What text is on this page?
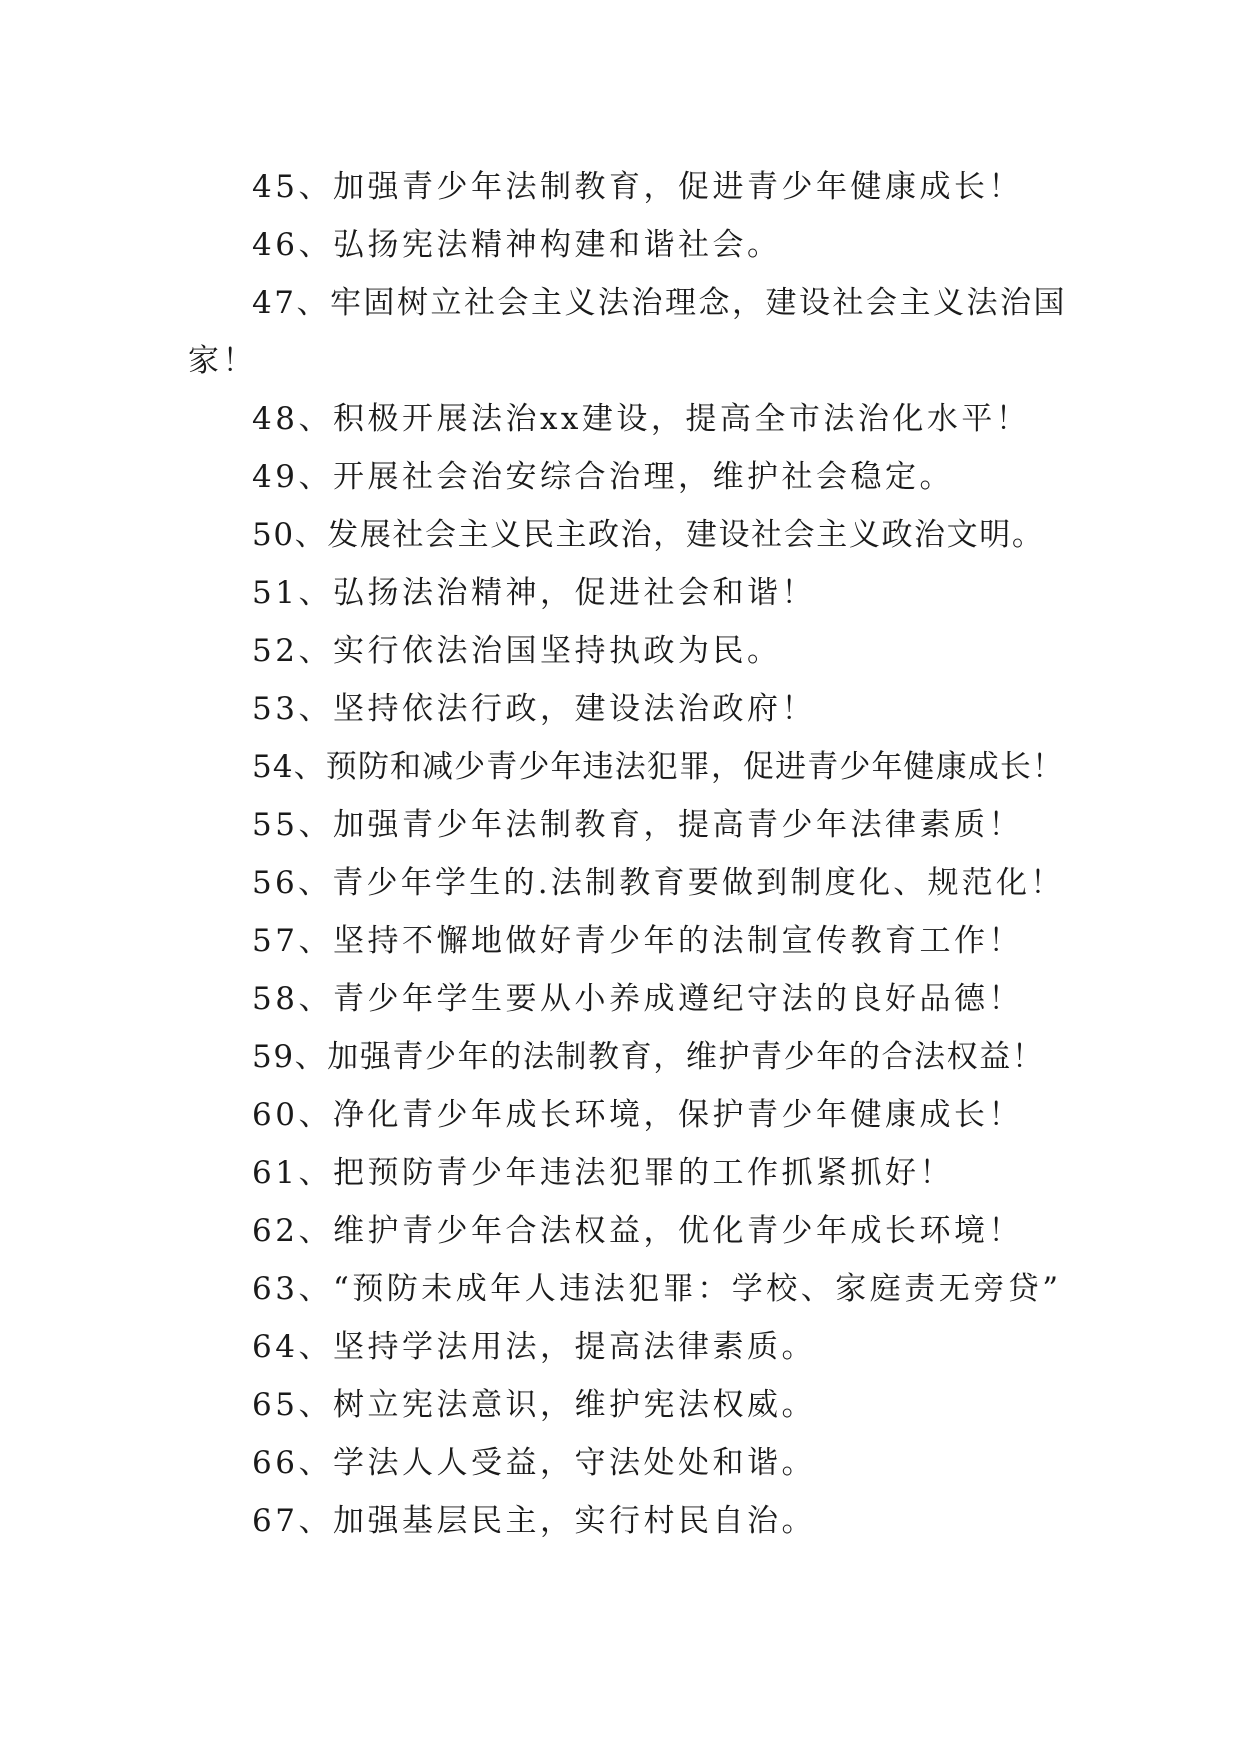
45、加强青少年法制教育，促进青少年健康成长！
46、弘扬宪法精神构建和谐社会。
47、牢固树立社会主义法治理念，建设社会主义法治国
家！
48、积极开展法治xx建设，提高全市法治化水平！
49、开展社会治安综合治理，维护社会稳定。
50、发展社会主义民主政治，建设社会主义政治文明。
51、弘扬法治精神，促进社会和谐！
52、实行依法治国坚持执政为民。
53、坚持依法行政，建设法治政府！
54、预防和减少青少年违法犯罪，促进青少年健康成长！
55、加强青少年法制教育，提高青少年法律素质！
56、青少年学生的.法制教育要做到制度化、规范化！
57、坚持不懈地做好青少年的法制宣传教育工作！
58、青少年学生要从小养成遵纪守法的良好品德！
59、加强青少年的法制教育，维护青少年的合法权益！
60、净化青少年成长环境，保护青少年健康成长！
61、把预防青少年违法犯罪的工作抓紧抓好！
62、维护青少年合法权益，优化青少年成长环境！
63、“预防未成年人违法犯罪：学校、家庭责无旁贷”
64、坚持学法用法，提高法律素质。
65、树立宪法意识，维护宪法权威。
66、学法人人受益，守法处处和谐。
67、加强基层民主，实行村民自治。
